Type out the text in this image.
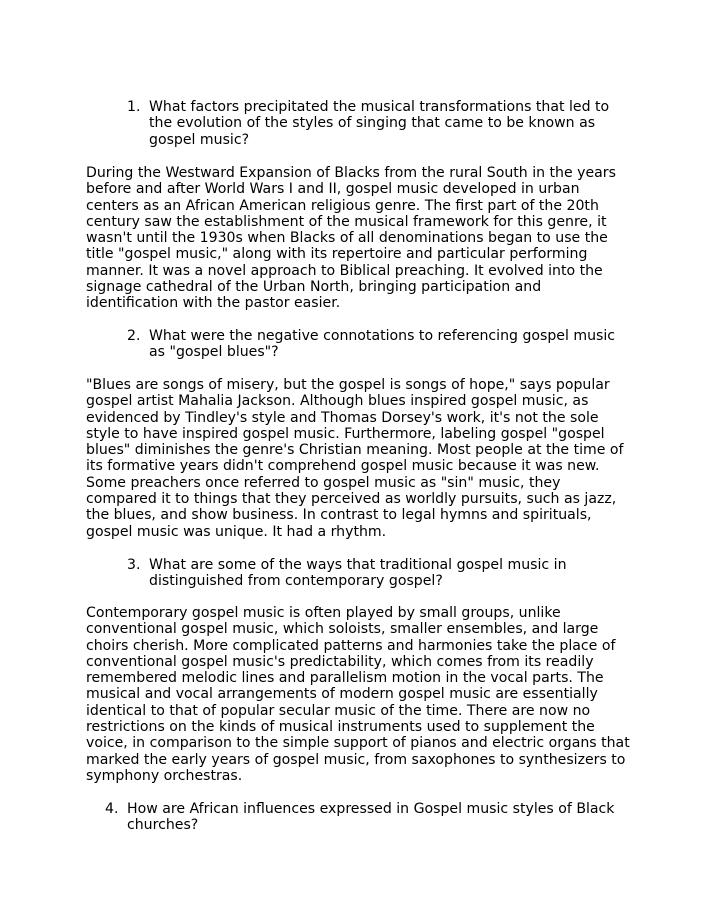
1. What factors precipitated the musical transformations that led to the evolution of the styles of singing that came to be known as gospel music?

During the Westward Expansion of Blacks from the rural South in the years before and after World Wars I and II, gospel music developed in urban centers as an African American religious genre. The first part of the 20th century saw the establishment of the musical framework for this genre, it wasn't until the 1930s when Blacks of all denominations began to use the title "gospel music," along with its repertoire and particular performing manner. It was a novel approach to Biblical preaching. It evolved into the signage cathedral of the Urban North, bringing participation and identification with the pastor easier.

2. What were the negative connotations to referencing gospel music as "gospel blues"?

"Blues are songs of misery, but the gospel is songs of hope," says popular gospel artist Mahalia Jackson. Although blues inspired gospel music, as evidenced by Tindley's style and Thomas Dorsey's work, it's not the sole style to have inspired gospel music. Furthermore, labeling gospel "gospel blues" diminishes the genre's Christian meaning. Most people at the time of its formative years didn't comprehend gospel music because it was new. Some preachers once referred to gospel music as "sin" music, they compared it to things that they perceived as worldly pursuits, such as jazz, the blues, and show business. In contrast to legal hymns and spirituals, gospel music was unique. It had a rhythm.

3. What are some of the ways that traditional gospel music in distinguished from contemporary gospel?

Contemporary gospel music is often played by small groups, unlike conventional gospel music, which soloists, smaller ensembles, and large choirs cherish. More complicated patterns and harmonies take the place of conventional gospel music's predictability, which comes from its readily remembered melodic lines and parallelism motion in the vocal parts. The musical and vocal arrangements of modern gospel music are essentially identical to that of popular secular music of the time. There are now no restrictions on the kinds of musical instruments used to supplement the voice, in comparison to the simple support of pianos and electric organs that marked the early years of gospel music, from saxophones to synthesizers to symphony orchestras.

4. How are African influences expressed in Gospel music styles of Black churches?
